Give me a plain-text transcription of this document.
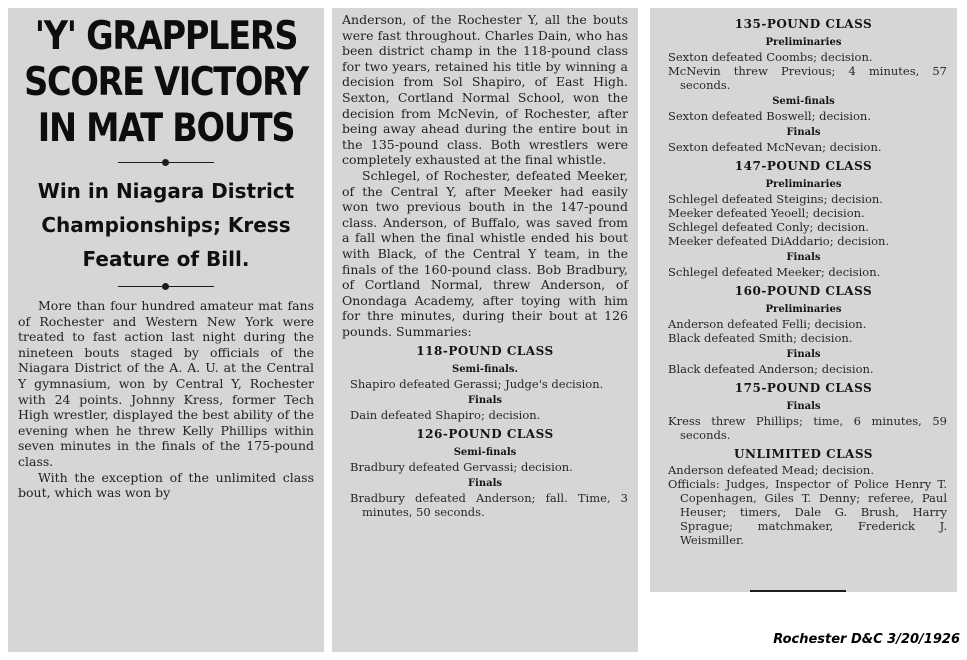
'Y' GRAPPLERS
SCORE VICTORY
IN MAT BOUTS
Win in Niagara District
Championships; Kress
Feature of Bill.

More than four hundred amateur mat fans of Rochester and Western New York were treated to fast action last night during the nineteen bouts staged by officials of the Niagara District of the A. A. U. at the Central Y gymnasium, won by Central Y, Rochester with 24 points. Johnny Kress, former Tech High wrestler, displayed the best ability of the evening when he threw Kelly Phillips within seven minutes in the finals of the 175-pound class.

With the exception of the unlimited class bout, which was won by

Anderson, of the Rochester Y, all the bouts were fast throughout. Charles Dain, who has been district champ in the 118-pound class for two years, retained his title by winning a decision from Sol Shapiro, of East High. Sexton, Cortland Normal School, won the decision from McNevin, of Rochester, after being away ahead during the entire bout in the 135-pound class. Both wrestlers were completely exhausted at the final whistle.

Schlegel, of Rochester, defeated Meeker, of the Central Y, after Meeker had easily won two previous bouth in the 147-pound class. Anderson, of Buffalo, was saved from a fall when the final whistle ended his bout with Black, of the Central Y team, in the finals of the 160-pound class. Bob Bradbury, of Cortland Normal, threw Anderson, of Onondaga Academy, after toying with him for thre minutes, during their bout at 126 pounds. Summaries:

118-POUND CLASS
Semi-finals.
Shapiro defeated Gerassi; Judge's decision.
Finals
Dain defeated Shapiro; decision.
126-POUND CLASS
Semi-finals
Bradbury defeated Gervassi; decision.
Finals
Bradbury defeated Anderson; fall. Time, 3 minutes, 50 seconds.
135-POUND CLASS
Preliminaries
Sexton defeated Coombs; decision.
McNevin threw Previous; 4 minutes, 57 seconds.
Semi-finals
Sexton defeated Boswell; decision.
Finals
Sexton defeated McNevan; decision.
147-POUND CLASS
Preliminaries
Schlegel defeated Steigins; decision.
Meeker defeated Yeoell; decision.
Schlegel defeated Conly; decision.
Meeker defeated DiAddario; decision.
Finals
Schlegel defeated Meeker; decision.
160-POUND CLASS
Preliminaries
Anderson defeated Felli; decision.
Black defeated Smith; decision.
Finals
Black defeated Anderson; decision.
175-POUND CLASS
Finals
Kress threw Phillips; time, 6 minutes, 59 seconds.
UNLIMITED CLASS
Anderson defeated Mead; decision.
Officials: Judges, Inspector of Police Henry T. Copenhagen, Giles T. Denny; referee, Paul Heuser; timers, Dale G. Brush, Harry Sprague; matchmaker, Frederick J. Weismiller.
Rochester D&C 3/20/1926
